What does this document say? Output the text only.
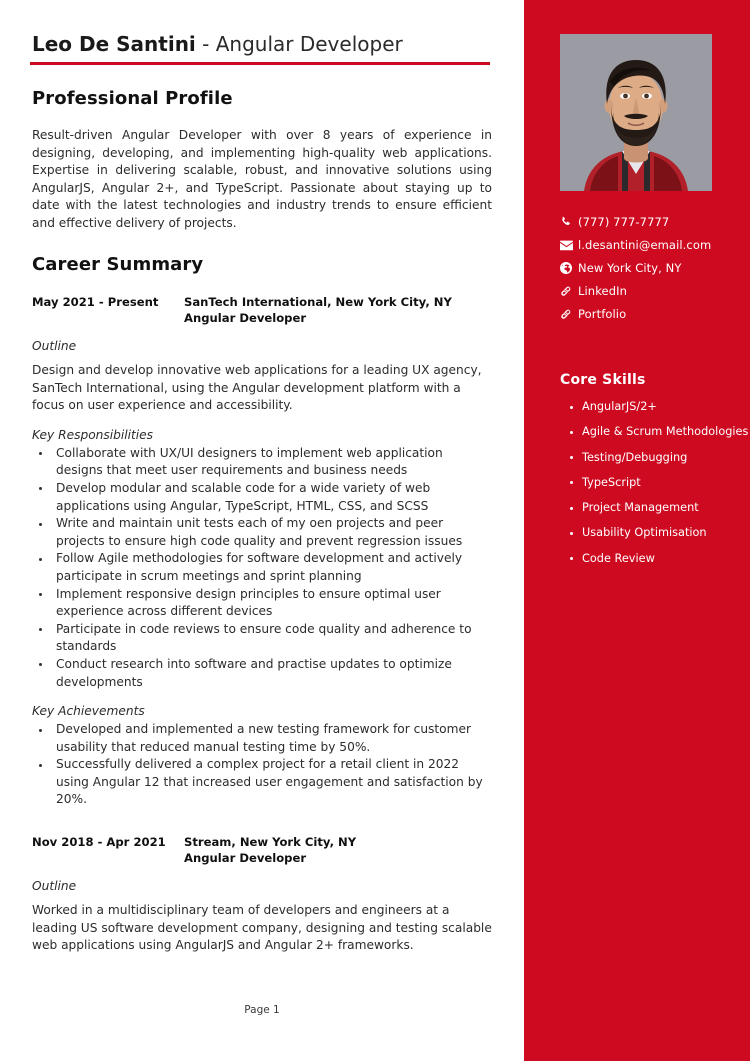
Leo De Santini - Angular Developer
Professional Profile

Result-driven Angular Developer with over 8 years of experience in designing, developing, and implementing high-quality web applications. Expertise in delivering scalable, robust, and innovative solutions using AngularJS, Angular 2+, and TypeScript. Passionate about staying up to date with the latest technologies and industry trends to ensure efficient and effective delivery of projects.

Career Summary
May 2021 - Present	SanTech International, New York City, NY
Angular Developer
Outline

Design and develop innovative web applications for a leading UX agency, SanTech International, using the Angular development platform with a focus on user experience and accessibility.

Key Responsibilities
Collaborate with UX/UI designers to implement web application designs that meet user requirements and business needs
Develop modular and scalable code for a wide variety of web applications using Angular, TypeScript, HTML, CSS, and SCSS
Write and maintain unit tests each of my oen projects and peer projects to ensure high code quality and prevent regression issues
Follow Agile methodologies for software development and actively participate in scrum meetings and sprint planning
Implement responsive design principles to ensure optimal user experience across different devices
Participate in code reviews to ensure code quality and adherence to standards
Conduct research into software and practise updates to optimize developments
Key Achievements
Developed and implemented a new testing framework for customer usability that reduced manual testing time by 50%.
Successfully delivered a complex project for a retail client in 2022 using Angular 12 that increased user engagement and satisfaction by 20%.
Nov 2018 - Apr 2021	Stream, New York City, NY
Angular Developer
Outline

Worked in a multidisciplinary team of developers and engineers at a leading US software development company, designing and testing scalable web applications using AngularJS and Angular 2+ frameworks.

Page 1
(777) 777-7777
l.desantini@email.com
New York City, NY
LinkedIn
Portfolio
Core Skills
AngularJS/2+
Agile & Scrum Methodologies
Testing/Debugging
TypeScript
Project Management
Usability Optimisation
Code Review
